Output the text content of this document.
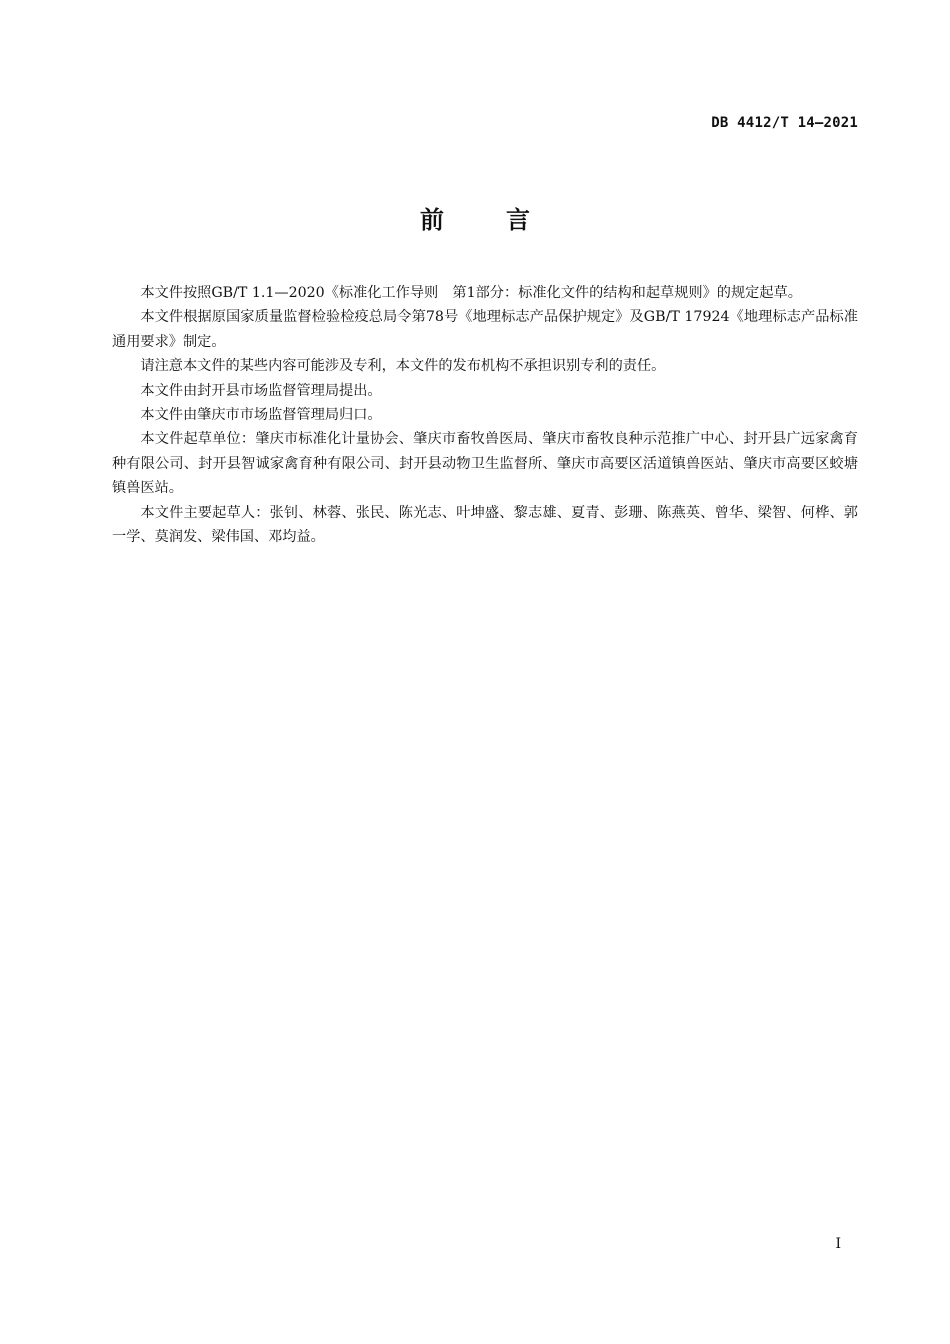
DB 4412/T 14—2021
前言

本文件按照GB/T 1.1—2020《标准化工作导则　第1部分：标准化文件的结构和起草规则》的规定起草。

本文件根据原国家质量监督检验检疫总局令第78号《地理标志产品保护规定》及GB/T 17924《地理标志产品标准通用要求》制定。

请注意本文件的某些内容可能涉及专利，本文件的发布机构不承担识别专利的责任。

本文件由封开县市场监督管理局提出。

本文件由肇庆市市场监督管理局归口。

本文件起草单位：肇庆市标准化计量协会、肇庆市畜牧兽医局、肇庆市畜牧良种示范推广中心、封开县广远家禽育种有限公司、封开县智诚家禽育种有限公司、封开县动物卫生监督所、肇庆市高要区活道镇兽医站、肇庆市高要区蛟塘镇兽医站。

本文件主要起草人：张钊、林蓉、张民、陈光志、叶坤盛、黎志雄、夏青、彭珊、陈燕英、曾华、梁智、何桦、郭一学、莫润发、梁伟国、邓均益。

I
